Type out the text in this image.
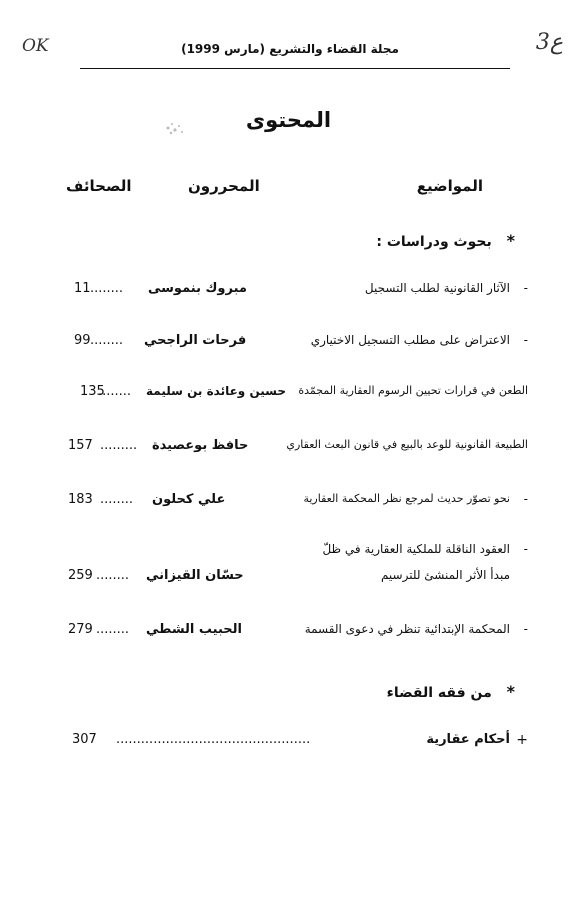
OK	3ع
مجلة القضاء والتشريع (مارس 1999)
المحتوى
المواضيع
المحررون
الصحائف
* بحوث ودراسات :
-
الآثار القانونية لطلب التسجيل
مبروك بنموسى
........
11
-
الاعتراض على مطلب التسجيل الاختياري
فرحات الراجحي
........
99
الطعن في قرارات تحيين الرسوم العقارية المجمّدة
حسين وعائدة بن سليمة
........
135
الطبيعة القانونية للوعد بالبيع في قانون البعث العقاري
حافظ بوعصيدة
.........
157
-
نحو تصوّر حديث لمرجع نظر المحكمة العقارية
علي كحلون
........
183
-
العقود الناقلة للملكية العقارية في ظلّ
مبدأ الأثر المنشئ للترسيم
حسّان القيزاني
........
259
-
المحكمة الإبتدائية تنظر في دعوى القسمة
الحبيب الشطي
........
279
* من فقه القضاء
+
أحكام عقارية
...............................................
307
